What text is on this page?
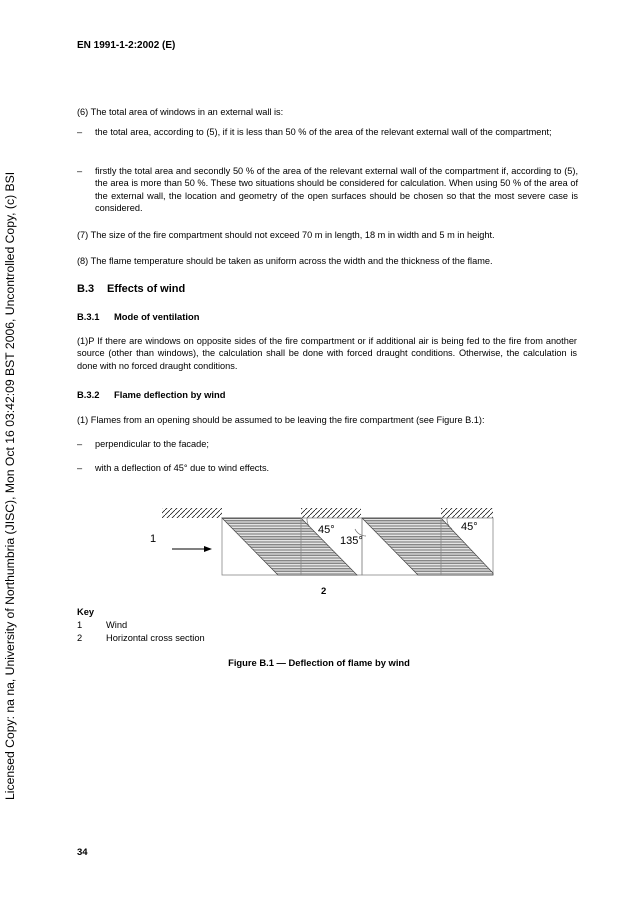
EN 1991-1-2:2002 (E)
Licensed Copy: na na, University of Northumbria (JISC), Mon Oct 16 03:42:09 BST 2006, Uncontrolled Copy, (c) BSI
(6) The total area of windows in an external wall is:
– the total area, according to (5), if it is less than 50 % of the area of the relevant external wall of the compartment;
– firstly the total area and secondly 50 % of the area of the relevant external wall of the compartment if, according to (5), the area is more than 50 %. These two situations should be considered for calculation. When using 50 % of the area of the external wall, the location and geometry of the open surfaces should be chosen so that the most severe case is considered.
(7) The size of the fire compartment should not exceed 70 m in length, 18 m in width and 5 m in height.
(8) The flame temperature should be taken as uniform across the width and the thickness of the flame.
B.3 Effects of wind
B.3.1 Mode of ventilation
(1)P If there are windows on opposite sides of the fire compartment or if additional air is being fed to the fire from another source (other than windows), the calculation shall be done with forced draught conditions. Otherwise, the calculation is done with no forced draught conditions.
B.3.2 Flame deflection by wind
(1) Flames from an opening should be assumed to be leaving the fire compartment (see Figure B.1):
– perpendicular to the facade;
– with a deflection of 45° due to wind effects.
1
2
45°
135°
45°
Key
1	Wind
2	Horizontal cross section
Figure B.1 — Deflection of flame by wind
34
